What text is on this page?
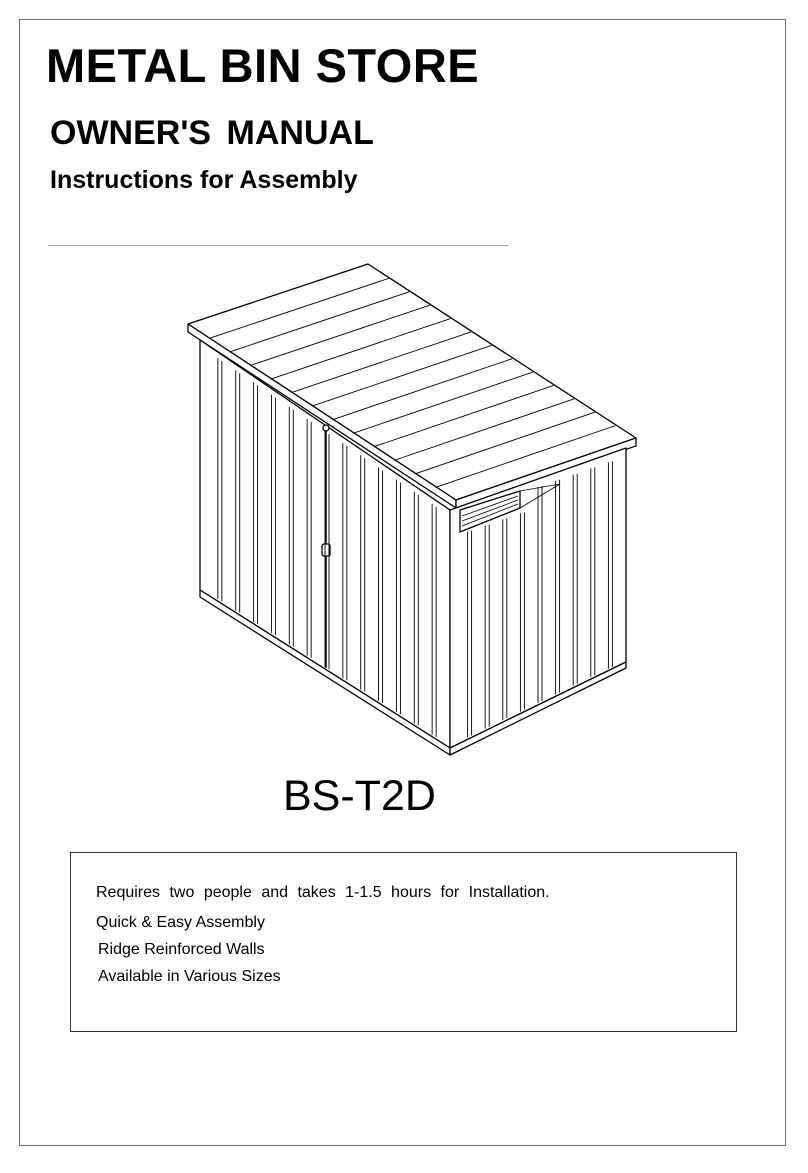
METAL BIN STORE
OWNER'S MANUAL
Instructions for Assembly

BS-T2D

Requires two people and takes 1-1.5 hours for Installation.

Quick & Easy Assembly

Ridge Reinforced Walls

Available in Various Sizes
